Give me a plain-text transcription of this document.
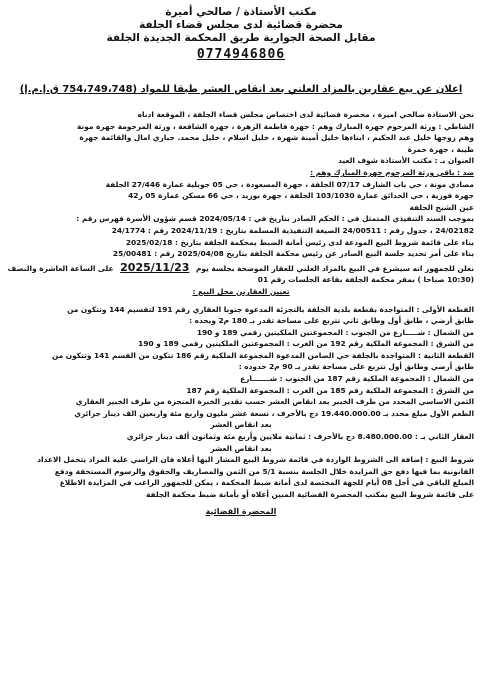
مكتب الأستاذة / صالحي أميرة
محضرة قضائية لدى مجلس قضاء الجلفة
مقابل الصحة الجوارية طريق المحكمة الجديدة الجلفة
0774946806
اعلان عن بيع عقارين بالمزاد العلني بعد انقاص العشر طبقا للمواد (754،749،748 ق.إ.م.إ)

نحن الاستاذة صالحي اميرة ، محضرة قضائية لدى اختصاص مجلس قضاء الجلفة ، الموقعة ادناه

الشاطي : ورثة المرحوم جهرة المبارك وهم : جهرة فاطمة الزهرة ، جهرة الشافعة ، ورثة المرحومة جهرة مونة

وهم زوجها خليل عبد الحكيم ، ابناءها خليل أمينة شهرة ، خليل اسلام ، خليل محمد. جباري امال والقائمة جهرة

طيبة ، جهرة حمزة

العنوان بـ : مكتب الأستاذة شوف العيد

ضد : باقي ورثة المرحوم جهرة المبارك وهم :

مصادي مونة ، حي باب الشارف 07/17 الجلفة ، جهرة المسعودة ، حي 05 جويلية عمارة 27/446 الجلفة

جهرة فوزية ، حي الحدائق عمارة 103/1030 الجلفة ، جهرة بوزيد ، حي 66 مسكن عمارة 05 ر42

عين الشيخ الجلفة

بموجب السند التنفيذي المتمثل في : الحكم الصادر بتاريخ في : 2024/05/14 قسم شؤون الأسرة فهرس رقم :

24/02182 ، جدول رقم : 24/00511 الصيغة التنفيذية المسلمة بتاريخ : 2024/11/19 رقم : 24/1774

بناء على قائمة شروط البيع المودعة لدى رئيس أمانة الضبط بمحكمة الجلفة بتاريخ : 2025/02/18

بناء على أمر تحديد جلسة البيع الصادر عن رئيس محكمة الجلفة بتاريخ 2025/04/08 رقم : 25/00481

نعلن للجمهور انه سيشرع في البيع بالمزاد العلني للعقار الموضحة بجلسة يوم 2025/11/23 على الساعة العاشرة والنصف

(10:30 صباحا ) بمقر محكمة الجلفة بقاعة الجلسات رقم 01

تعيين العقارين محل البيع :

القطعة الأولى : المتواجدة بقطعة بلدية الجلفة بالتجزئة المدعوة جنوبا العقاري رقم 191 لتقسيم 144 وتتكون من

طابق أرضي ، طابق أول وطابق ثاني تتربع على مساحة تقدر بـ 180 م2 ويحده :

من الشمال : شـــــارع من الجنوب : المجموعتين الملكيتين رقمي 189 و 190

من الشرق : المجموعة الملكية رقم 192 من الغرب : المجموعتين الملكيتين رقمي 189 و 190

القطعة الثانية : المتواجدة بالجلفة حي الضامن المدعوة المجموعة الملكية رقم 186 تتكون من القسم 141 وتتكون من

طابق أرضي وطابق أول تتربع على مساحة تقدر بـ 90 م2 حدوده :

من الشمال : المجموعة الملكية رقم 187 من الجنوب : شـــــــارع

من الشرق : المجموعة الملكية رقم 185 من الغرب : المجموعة الملكية رقم 187

الثمن الاساسي المحدد من طرف الخبير بعد انقاص العشر حسب تقدير الخبرة المنجزة من طرف الخبير العقاري

الطعم الأول مبلغ محدد بـ 19.440.000.00 دج بالأحرف ، تسعة عشر مليون واربع مئة واربعين الف دينار جزائري

بعد انقاص العشر

العقار الثاني بـ : 8.480.000.00 دج بالأحرف : ثمانية ملايين وأربع مئة وثمانون ألف دينار جزائري

بعد انقاص العشر

شروط البيع : إضافة الى الشروط الواردة في قائمة شروط البيع المشار اليها أعلاه فان الراسي عليه المزاد يتحمل الاعداد

القانونية بما فيها دفع حق المزايدة خلال الجلسة بنسبة 5/1 من الثمن والمصاريف والحقوق والرسوم المستحقة ودفع

المبلغ الباقي في أجل 08 أيام للجهة المختصة لدى أمانة ضبط المحكمة ، يمكن للجمهور الراغب في المزايدة الاطلاع

على قائمة شروط البيع بمكتب المحضرة القضائية المبين أعلاه أو بأمانة ضبط محكمة الجلفة

المحضرة القضائية
